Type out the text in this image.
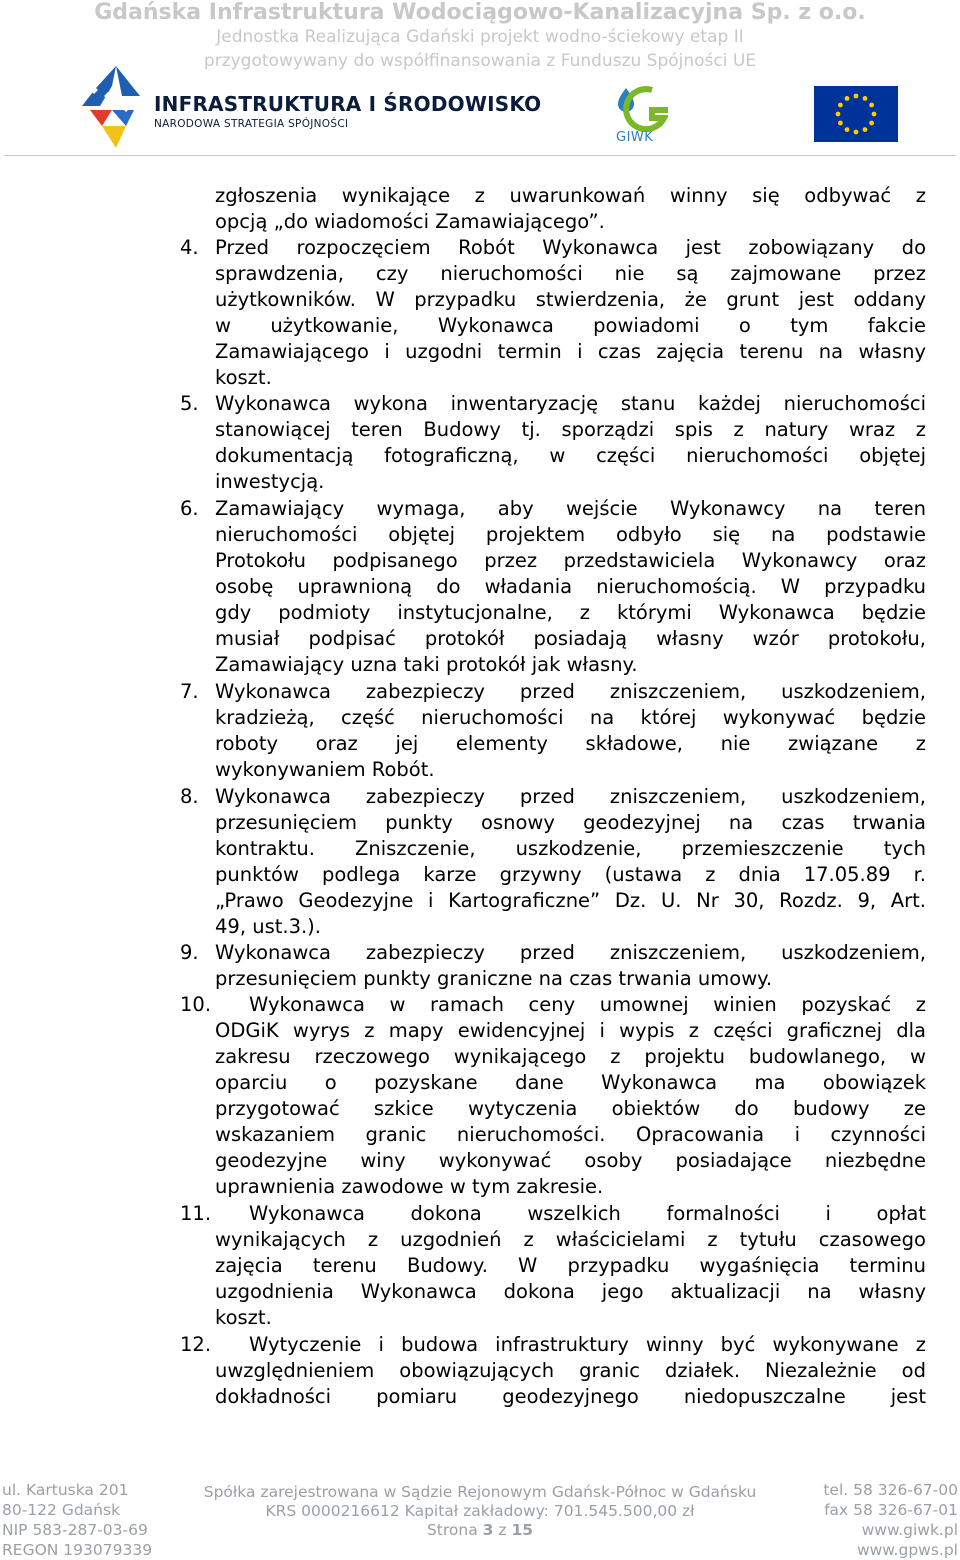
Gdańska Infrastruktura Wodociągowo-Kanalizacyjna Sp. z o.o.
Jednostka Realizująca Gdański projekt wodno-ściekowy etap II
przygotowywany do współfinansowania z Funduszu Spójności UE
INFRASTRUKTURA I ŚRODOWISKO
NARODOWA STRATEGIA SPÓJNOŚCI
GIWK
zgłoszenia wynikające z uwarunkowań winny się odbywać z
opcją „do wiadomości Zamawiającego”.
4. Przed rozpoczęciem Robót Wykonawca jest zobowiązany do
sprawdzenia, czy nieruchomości nie są zajmowane przez
użytkowników. W przypadku stwierdzenia, że grunt jest oddany
w użytkowanie, Wykonawca powiadomi o tym fakcie
Zamawiającego i uzgodni termin i czas zajęcia terenu na własny
koszt.
5. Wykonawca wykona inwentaryzację stanu każdej nieruchomości
stanowiącej teren Budowy tj. sporządzi spis z natury wraz z
dokumentacją fotograficzną, w części nieruchomości objętej
inwestycją.
6. Zamawiający wymaga, aby wejście Wykonawcy na teren
nieruchomości objętej projektem odbyło się na podstawie
Protokołu podpisanego przez przedstawiciela Wykonawcy oraz
osobę uprawnioną do władania nieruchomością. W przypadku
gdy podmioty instytucjonalne, z którymi Wykonawca będzie
musiał podpisać protokół posiadają własny wzór protokołu,
Zamawiający uzna taki protokół jak własny.
7. Wykonawca zabezpieczy przed zniszczeniem, uszkodzeniem,
kradzieżą, część nieruchomości na której wykonywać będzie
roboty oraz jej elementy składowe, nie związane z
wykonywaniem Robót.
8. Wykonawca zabezpieczy przed zniszczeniem, uszkodzeniem,
przesunięciem punkty osnowy geodezyjnej na czas trwania
kontraktu. Zniszczenie, uszkodzenie, przemieszczenie tych
punktów podlega karze grzywny (ustawa z dnia 17.05.89 r.
„Prawo Geodezyjne i Kartograficzne” Dz. U. Nr 30, Rozdz. 9, Art.
49, ust.3.).
9. Wykonawca zabezpieczy przed zniszczeniem, uszkodzeniem,
przesunięciem punkty graniczne na czas trwania umowy.
10. Wykonawca w ramach ceny umownej winien pozyskać z
ODGiK wyrys z mapy ewidencyjnej i wypis z części graficznej dla
zakresu rzeczowego wynikającego z projektu budowlanego, w
oparciu o pozyskane dane Wykonawca ma obowiązek
przygotować szkice wytyczenia obiektów do budowy ze
wskazaniem granic nieruchomości. Opracowania i czynności
geodezyjne winy wykonywać osoby posiadające niezbędne
uprawnienia zawodowe w tym zakresie.
11. Wykonawca dokona wszelkich formalności i opłat
wynikających z uzgodnień z właścicielami z tytułu czasowego
zajęcia terenu Budowy. W przypadku wygaśnięcia terminu
uzgodnienia Wykonawca dokona jego aktualizacji na własny
koszt.
12. Wytyczenie i budowa infrastruktury winny być wykonywane z
uwzględnieniem obowiązujących granic działek. Niezależnie od
dokładności pomiaru geodezyjnego niedopuszczalne jest
ul. Kartuska 201
80-122 Gdańsk
NIP 583-287-03-69
REGON 193079339
Spółka zarejestrowana w Sądzie Rejonowym Gdańsk-Północ w Gdańsku
KRS 0000216612 Kapitał zakładowy: 701.545.500,00 zł
Strona 3 z 15
tel. 58 326-67-00
fax 58 326-67-01
www.giwk.pl
www.gpws.pl
